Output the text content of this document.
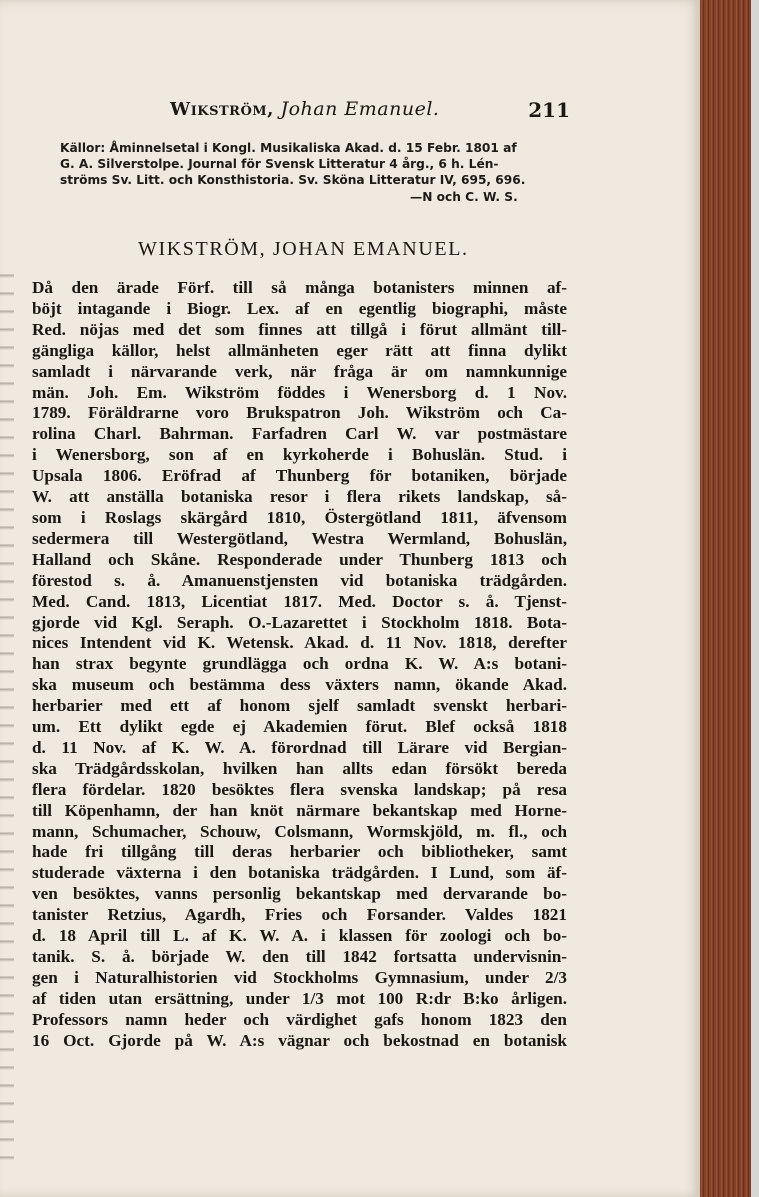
Wikström, Johan Emanuel.	211
Källor: Åminnelsetal i Kongl. Musikaliska Akad. d. 15 Febr. 1801 af
G. A. Silverstolpe. Journal för Svensk Litteratur 4 årg., 6 h. Lén-
ströms Sv. Litt. och Konsthistoria. Sv. Sköna Litteratur IV, 695, 696.
—N och C. W. S.
WIKSTRÖM, JOHAN EMANUEL.
Då den ärade Förf. till så många botanisters minnen af-
böjt intagande i Biogr. Lex. af en egentlig biographi, måste
Red. nöjas med det som finnes att tillgå i förut allmänt till-
gängliga källor, helst allmänheten eger rätt att finna dylikt
samladt i närvarande verk, när fråga är om namnkunnige
män. Joh. Em. Wikström föddes i Wenersborg d. 1 Nov.
1789. Föräldrarne voro Brukspatron Joh. Wikström och Ca-
rolina Charl. Bahrman. Farfadren Carl W. var postmästare
i Wenersborg, son af en kyrkoherde i Bohuslän. Stud. i
Upsala 1806. Eröfrad af Thunberg för botaniken, började
W. att anställa botaniska resor i flera rikets landskap, så-
som i Roslags skärgård 1810, Östergötland 1811, äfvensom
sedermera till Westergötland, Westra Wermland, Bohuslän,
Halland och Skåne. Responderade under Thunberg 1813 och
förestod s. å. Amanuenstjensten vid botaniska trädgården.
Med. Cand. 1813, Licentiat 1817. Med. Doctor s. å. Tjenst-
gjorde vid Kgl. Seraph. O.-Lazarettet i Stockholm 1818. Bota-
nices Intendent vid K. Wetensk. Akad. d. 11 Nov. 1818, derefter
han strax begynte grundlägga och ordna K. W. A:s botani-
ska museum och bestämma dess växters namn, ökande Akad.
herbarier med ett af honom sjelf samladt svenskt herbari-
um. Ett dylikt egde ej Akademien förut. Blef också 1818
d. 11 Nov. af K. W. A. förordnad till Lärare vid Bergian-
ska Trädgårdsskolan, hvilken han allts edan försökt bereda
flera fördelar. 1820 besöktes flera svenska landskap; på resa
till Köpenhamn, der han knöt närmare bekantskap med Horne-
mann, Schumacher, Schouw, Colsmann, Wormskjöld, m. fl., och
hade fri tillgång till deras herbarier och bibliotheker, samt
studerade växterna i den botaniska trädgården. I Lund, som äf-
ven besöktes, vanns personlig bekantskap med dervarande bo-
tanister Retzius, Agardh, Fries och Forsander. Valdes 1821
d. 18 April till L. af K. W. A. i klassen för zoologi och bo-
tanik. S. å. började W. den till 1842 fortsatta undervisnin-
gen i Naturalhistorien vid Stockholms Gymnasium, under 2/3
af tiden utan ersättning, under 1/3 mot 100 R:dr B:ko årligen.
Professors namn heder och värdighet gafs honom 1823 den
16 Oct. Gjorde på W. A:s vägnar och bekostnad en botanisk
